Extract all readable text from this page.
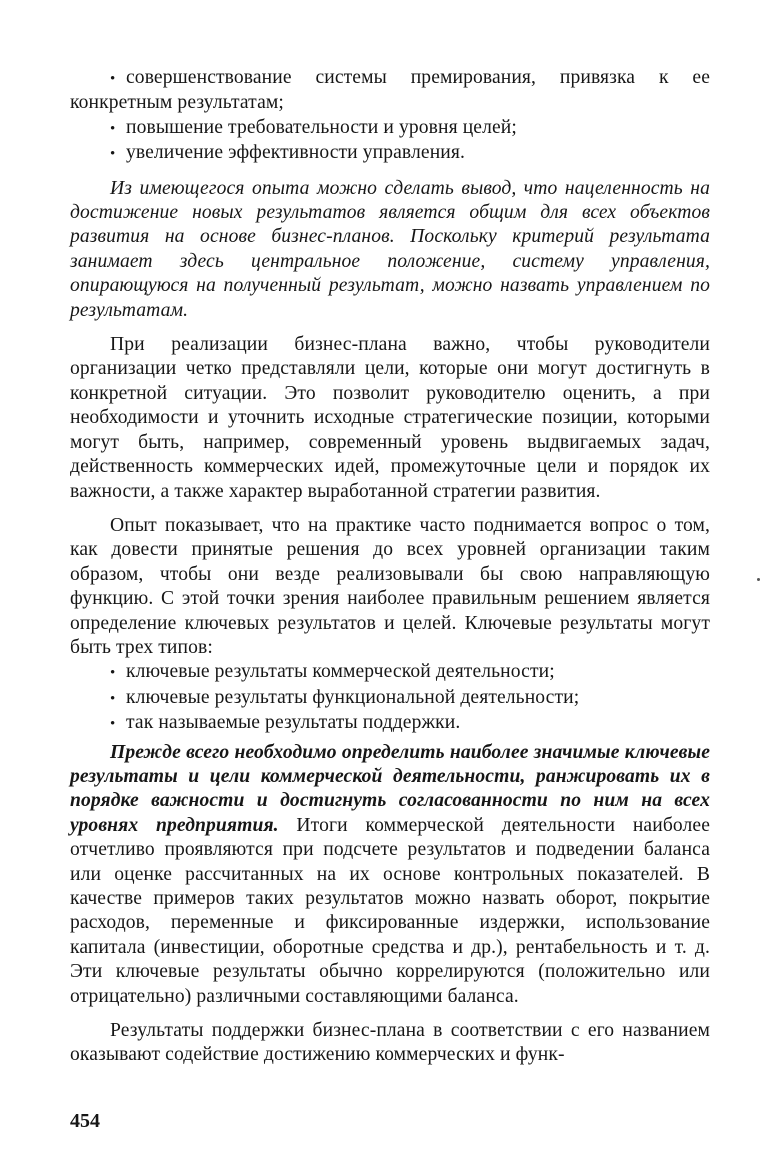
• совершенствование системы премирования, привязка к ее конкретным результатам;
• повышение требовательности и уровня целей;
• увеличение эффективности управления.

Из имеющегося опыта можно сделать вывод, что нацеленность на достижение новых результатов является общим для всех объектов развития на основе бизнес-планов. Поскольку критерий результата занимает здесь центральное положение, систему управления, опирающуюся на полученный результат, можно назвать управлением по результатам.

При реализации бизнес-плана важно, чтобы руководители организации четко представляли цели, которые они могут достигнуть в конкретной ситуации. Это позволит руководителю оценить, а при необходимости и уточнить исходные стратегические позиции, которыми могут быть, например, современный уровень выдвигаемых задач, действенность коммерческих идей, промежуточные цели и порядок их важности, а также характер выработанной стратегии развития.

Опыт показывает, что на практике часто поднимается вопрос о том, как довести принятые решения до всех уровней организации таким образом, чтобы они везде реализовывали бы свою направляющую функцию. С этой точки зрения наиболее правильным решением является определение ключевых результатов и целей. Ключевые результаты могут быть трех типов:

• ключевые результаты коммерческой деятельности;
• ключевые результаты функциональной деятельности;
• так называемые результаты поддержки.

Прежде всего необходимо определить наиболее значимые ключевые результаты и цели коммерческой деятельности, ранжировать их в порядке важности и достигнуть согласованности по ним на всех уровнях предприятия. Итоги коммерческой деятельности наиболее отчетливо проявляются при подсчете результатов и подведении баланса или оценке рассчитанных на их основе контрольных показателей. В качестве примеров таких результатов можно назвать оборот, покрытие расходов, переменные и фиксированные издержки, использование капитала (инвестиции, оборотные средства и др.), рентабельность и т. д. Эти ключевые результаты обычно коррелируются (положительно или отрицательно) различными составляющими баланса.

Результаты поддержки бизнес-плана в соответствии с его названием оказывают содействие достижению коммерческих и функ-

454
